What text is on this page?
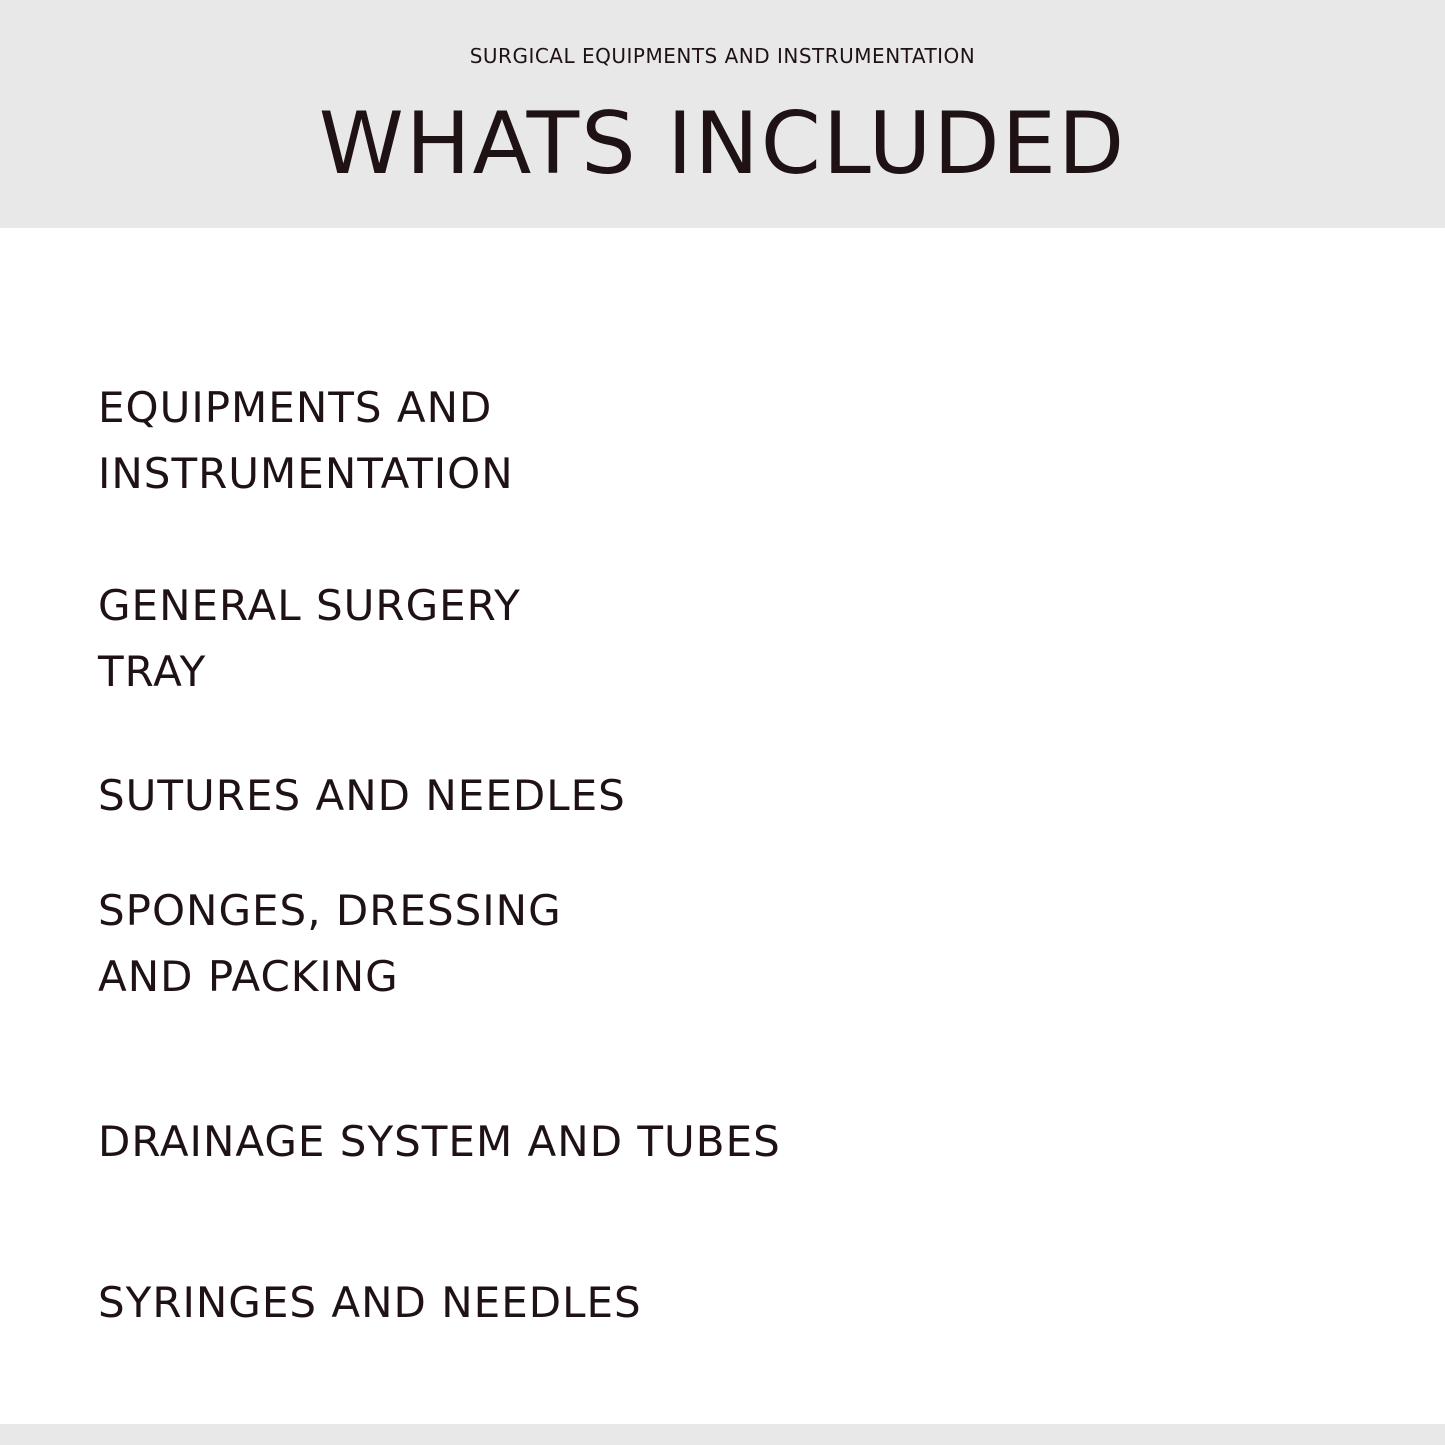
SURGICAL EQUIPMENTS AND INSTRUMENTATION
WHATS INCLUDED
EQUIPMENTS AND
INSTRUMENTATION
GENERAL SURGERY
TRAY
SUTURES AND NEEDLES
SPONGES, DRESSING
AND PACKING
DRAINAGE SYSTEM AND TUBES
SYRINGES AND NEEDLES
